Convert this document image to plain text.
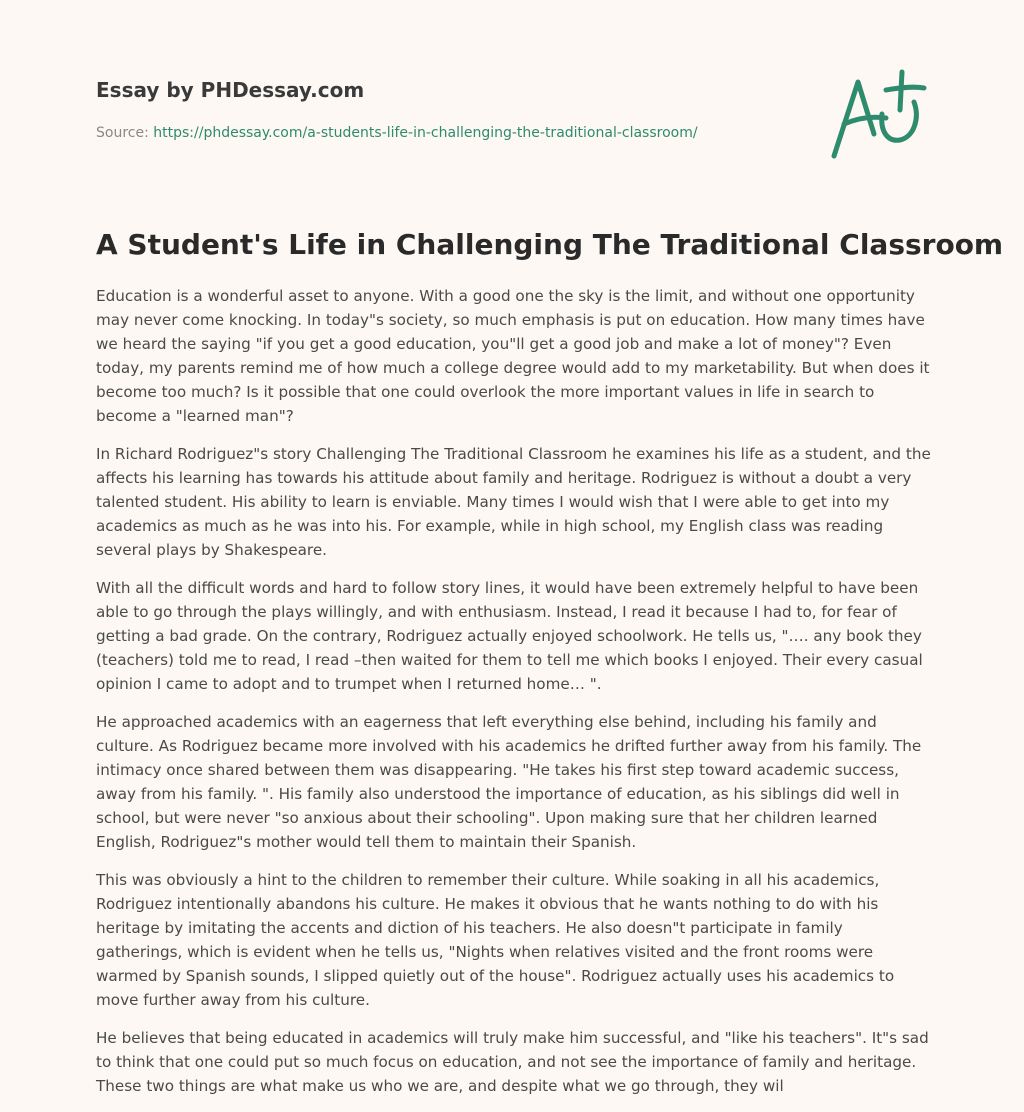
Essay by PHDessay.com
Source: https://phdessay.com/a-students-life-in-challenging-the-traditional-classroom/
A Student's Life in Challenging The Traditional Classroom

Education is a wonderful asset to anyone. With a good one the sky is the limit, and without one opportunity may never come knocking. In today"s society, so much emphasis is put on education. How many times have we heard the saying "if you get a good education, you"ll get a good job and make a lot of money"? Even today, my parents remind me of how much a college degree would add to my marketability. But when does it become too much? Is it possible that one could overlook the more important values in life in search to become a "learned man"?

In Richard Rodriguez"s story Challenging The Traditional Classroom he examines his life as a student, and the affects his learning has towards his attitude about family and heritage. Rodriguez is without a doubt a very talented student. His ability to learn is enviable. Many times I would wish that I were able to get into my academics as much as he was into his. For example, while in high school, my English class was reading several plays by Shakespeare.

With all the difficult words and hard to follow story lines, it would have been extremely helpful to have been able to go through the plays willingly, and with enthusiasm. Instead, I read it because I had to, for fear of getting a bad grade. On the contrary, Rodriguez actually enjoyed schoolwork. He tells us, "…. any book they (teachers) told me to read, I read –then waited for them to tell me which books I enjoyed. Their every casual opinion I came to adopt and to trumpet when I returned home… ".

He approached academics with an eagerness that left everything else behind, including his family and culture. As Rodriguez became more involved with his academics he drifted further away from his family. The intimacy once shared between them was disappearing. "He takes his first step toward academic success, away from his family. ". His family also understood the importance of education, as his siblings did well in school, but were never "so anxious about their schooling". Upon making sure that her children learned English, Rodriguez"s mother would tell them to maintain their Spanish.

This was obviously a hint to the children to remember their culture. While soaking in all his academics, Rodriguez intentionally abandons his culture. He makes it obvious that he wants nothing to do with his heritage by imitating the accents and diction of his teachers. He also doesn"t participate in family gatherings, which is evident when he tells us, "Nights when relatives visited and the front rooms were warmed by Spanish sounds, I slipped quietly out of the house". Rodriguez actually uses his academics to move further away from his culture.

He believes that being educated in academics will truly make him successful, and "like his teachers". It"s sad to think that one could put so much focus on education, and not see the importance of family and heritage. These two things are what make us who we are, and despite what we go through, they wil
